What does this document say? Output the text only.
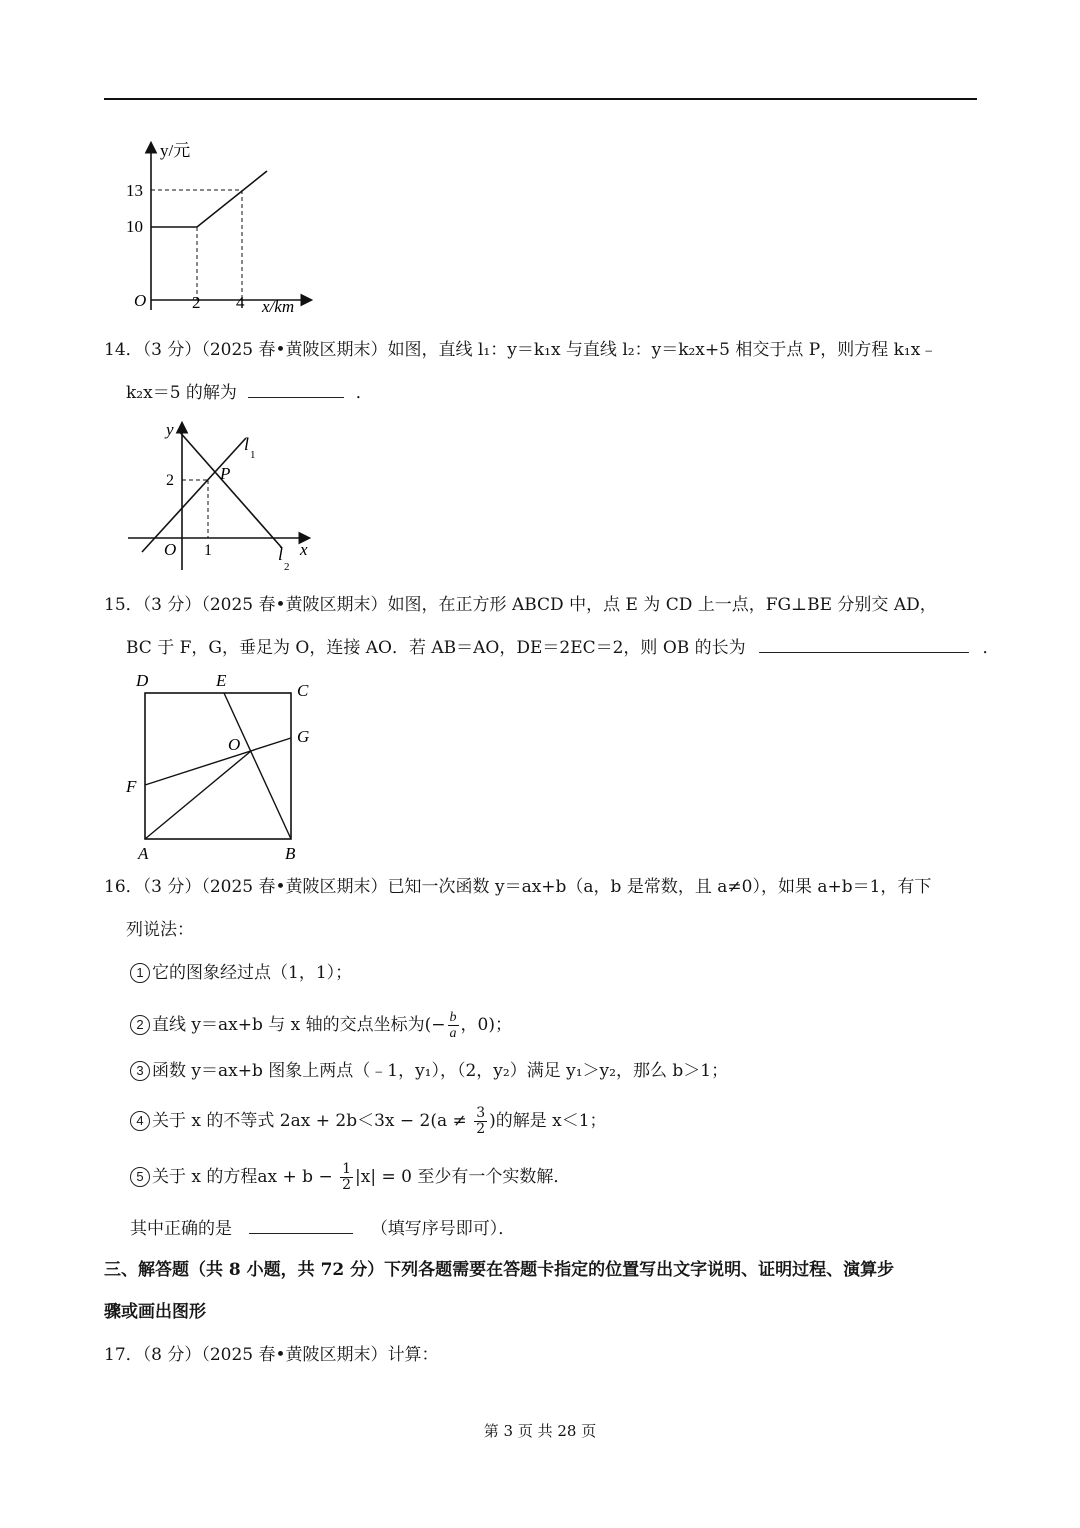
y/元
13
10
O	2 4 x/km
14．（3 分）（2025 春•黄陂区期末）如图，直线 l₁：y＝k₁x 与直线 l₂：y＝k₂x+5 相交于点 P，则方程 k₁x﹣
k₂x＝5 的解为	．
y
2
O 1
P
x
l
1
l
2
15．（3 分）（2025 春•黄陂区期末）如图，在正方形 ABCD 中，点 E 为 CD 上一点，FG⊥BE 分别交 AD，
BC 于 F，G，垂足为 O，连接 AO．若 AB＝AO，DE＝2EC＝2，则 OB 的长为	．
D	E
C
G
O
F
A	B
16．（3 分）（2025 春•黄陂区期末）已知一次函数 y＝ax+b（a，b 是常数，且 a≠0），如果 a+b＝1，有下
列说法：
1 它的图象经过点（1，1）；
2 直线 y＝ax+b 与 x 轴的交点坐标为(− $\frac{b}{a}$ ，0)；
3 函数 y＝ax+b 图象上两点（﹣1，y₁），（2，y₂）满足 y₁＞y₂，那么 b＞1；
4 关于 x 的不等式 $2ax + 2b<3x - 2(a \ne \frac{3}{2}$ )的解是 x＜1；
5 关于 x 的方程ax + $b - \frac{1}{2} |x| = 0$ 至少有一个实数解．
其中正确的是	（填写序号即可）．
三、解答题（共 8 小题，共 72 分）下列各题需要在答题卡指定的位置写出文字说明、证明过程、演算步
骤或画出图形
17．（8 分）（2025 春•黄陂区期末）计算：
第 3 页 共 28 页
